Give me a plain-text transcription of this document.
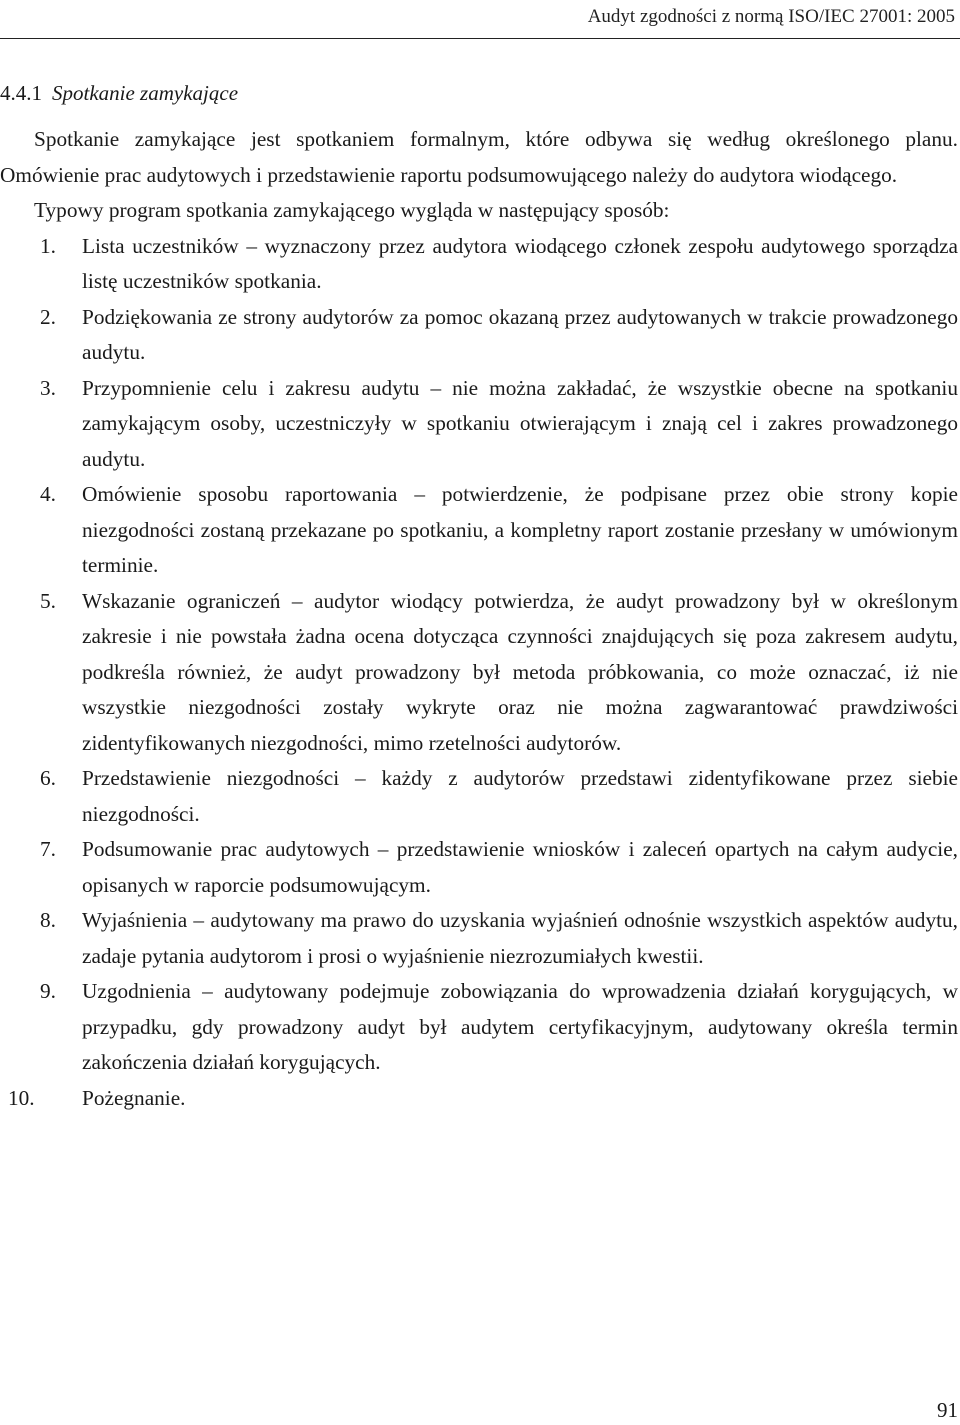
Audyt zgodności z normą ISO/IEC 27001: 2005
4.4.1 Spotkanie zamykające

Spotkanie zamykające jest spotkaniem formalnym, które odbywa się według określonego planu. Omówienie prac audytowych i przedstawienie raportu podsumowującego należy do audytora wiodącego.

Typowy program spotkania zamykającego wygląda w następujący sposób:

1. Lista uczestników – wyznaczony przez audytora wiodącego członek zespołu audytowego sporządza listę uczestników spotkania.
2. Podziękowania ze strony audytorów za pomoc okazaną przez audytowanych w trakcie prowadzonego audytu.
3. Przypomnienie celu i zakresu audytu – nie można zakładać, że wszystkie obecne na spotkaniu zamykającym osoby, uczestniczyły w spotkaniu otwierającym i znają cel i zakres prowadzonego audytu.
4. Omówienie sposobu raportowania – potwierdzenie, że podpisane przez obie strony kopie niezgodności zostaną przekazane po spotkaniu, a kompletny raport zostanie przesłany w umówionym terminie.
5. Wskazanie ograniczeń – audytor wiodący potwierdza, że audyt prowadzony był w określonym zakresie i nie powstała żadna ocena dotycząca czynności znajdujących się poza zakresem audytu, podkreśla również, że audyt prowadzony był metoda próbkowania, co może oznaczać, iż nie wszystkie niezgodności zostały wykryte oraz nie można zagwarantować prawdziwości zidentyfikowanych niezgodności, mimo rzetelności audytorów.
6. Przedstawienie niezgodności – każdy z audytorów przedstawi zidentyfikowane przez siebie niezgodności.
7. Podsumowanie prac audytowych – przedstawienie wniosków i zaleceń opartych na całym audycie, opisanych w raporcie podsumowującym.
8. Wyjaśnienia – audytowany ma prawo do uzyskania wyjaśnień odnośnie wszystkich aspektów audytu, zadaje pytania audytorom i prosi o wyjaśnienie niezrozumiałych kwestii.
9. Uzgodnienia – audytowany podejmuje zobowiązania do wprowadzenia działań korygujących, w przypadku, gdy prowadzony audyt był audytem certyfikacyjnym, audytowany określa termin zakończenia działań korygujących.
10. Pożegnanie.
91
